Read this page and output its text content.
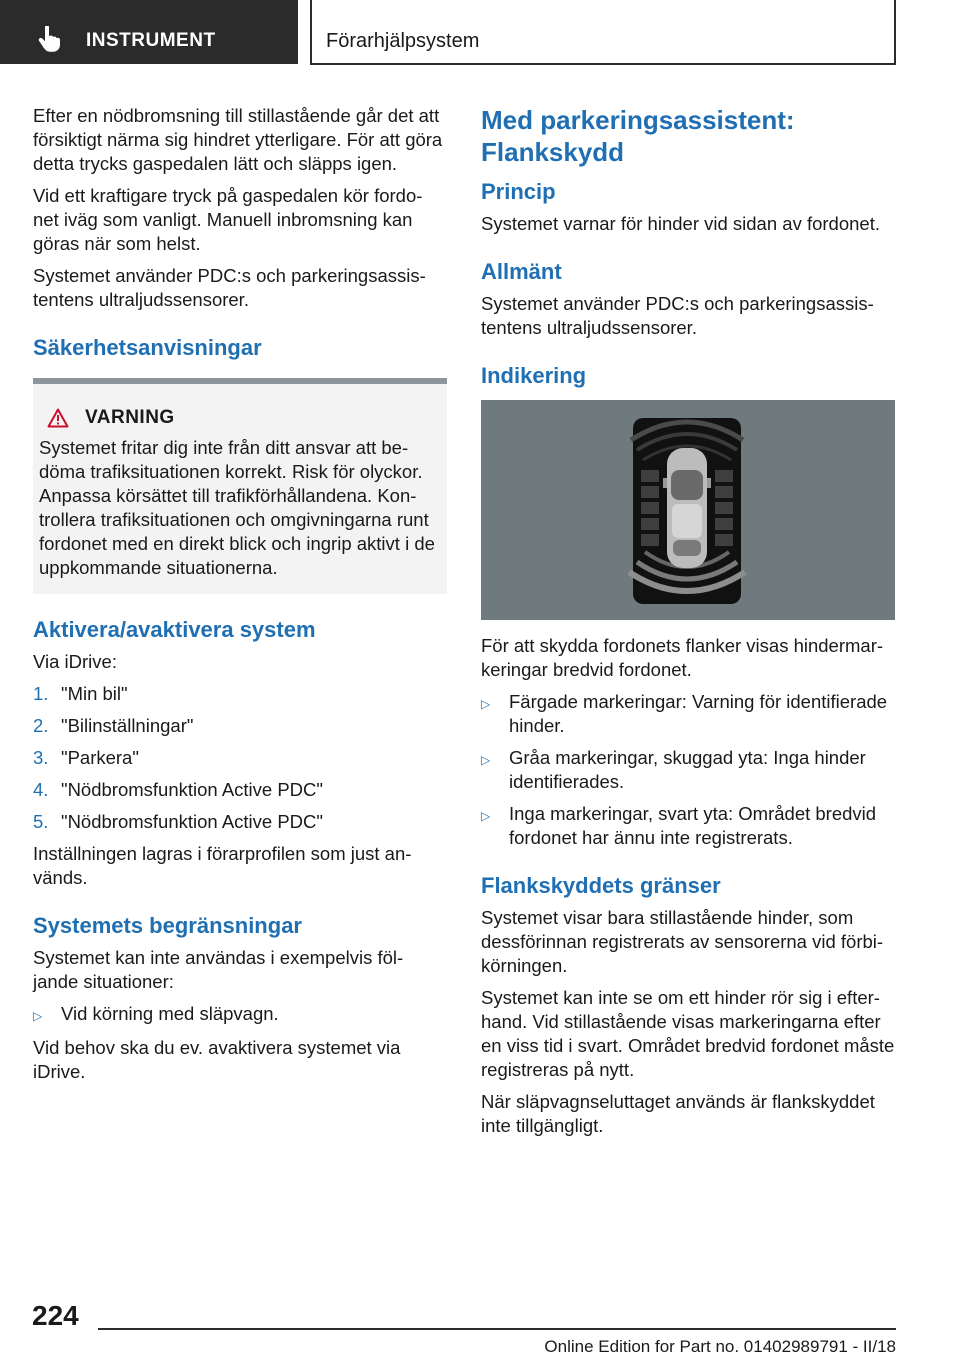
INSTRUMENT	Förarhjälpsystem

Efter en nödbromsning till stillastående går det att försiktigt närma sig hindret ytterligare. För att göra detta trycks gaspedalen lätt och släpps igen.

Vid ett kraftigare tryck på gaspedalen kör fordo-net iväg som vanligt. Manuell inbromsning kan göras när som helst.

Systemet använder PDC:s och parkeringsassis-tentens ultraljudssensorer.

Säkerhetsanvisningar
VARNING
Systemet fritar dig inte från ditt ansvar att be-döma trafiksituationen korrekt. Risk för olyckor. Anpassa körsättet till trafikförhållandena. Kon-trollera trafiksituationen och omgivningarna runt fordonet med en direkt blick och ingrip aktivt i de uppkommande situationerna.
Aktivera/avaktivera system

Via iDrive:

1. "Min bil"
2. "Bilinställningar"
3. "Parkera"
4. "Nödbromsfunktion Active PDC"
5. "Nödbromsfunktion Active PDC"

Inställningen lagras i förarprofilen som just an-vänds.

Systemets begränsningar

Systemet kan inte användas i exempelvis föl-jande situationer:

▷	Vid körning med släpvagn.

Vid behov ska du ev. avaktivera systemet via iDrive.

Med parkeringsassistent: Flankskydd
Princip

Systemet varnar för hinder vid sidan av fordonet.

Allmänt

Systemet använder PDC:s och parkeringsassis-tentens ultraljudssensorer.

Indikering

För att skydda fordonets flanker visas hindermar-keringar bredvid fordonet.

▷	Färgade markeringar: Varning för identifierade hinder.
▷	Gråa markeringar, skuggad yta: Inga hinder identifierades.
▷	Inga markeringar, svart yta: Området bredvid fordonet har ännu inte registrerats.
Flankskyddets gränser

Systemet visar bara stillastående hinder, som dessförinnan registrerats av sensorerna vid förbi-körningen.

Systemet kan inte se om ett hinder rör sig i efter-hand. Vid stillastående visas markeringarna efter en viss tid i svart. Området bredvid fordonet måste registreras på nytt.

När släpvagnseluttaget används är flankskyddet inte tillgängligt.

224
Online Edition for Part no. 01402989791 - II/18
